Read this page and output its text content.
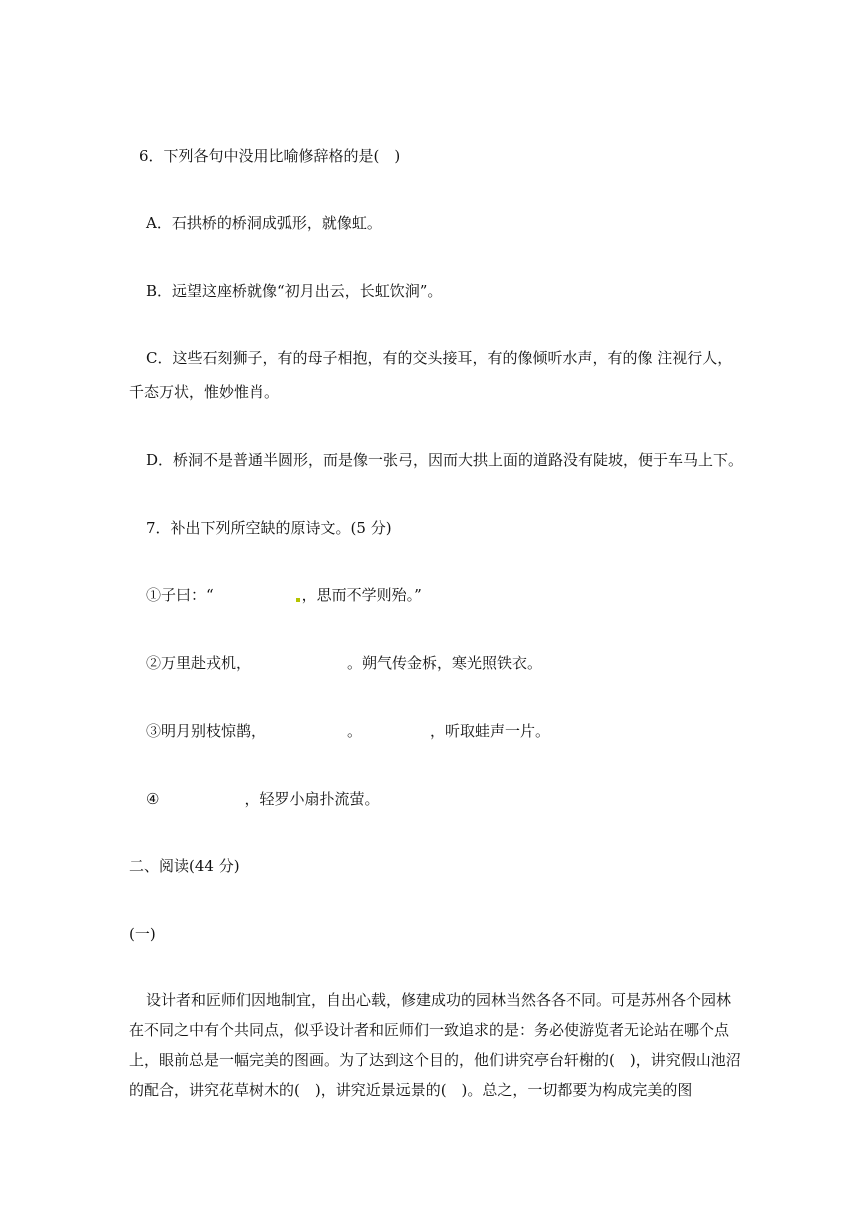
6．下列各句中没用比喻修辞格的是(　)
A．石拱桥的桥洞成弧形，就像虹。
B．远望这座桥就像“初月出云，长虹饮涧”。
C．这些石刻狮子，有的母子相抱，有的交头接耳，有的像倾听水声，有的像 注视行人，
千态万状，惟妙惟肖。
D．桥洞不是普通半圆形，而是像一张弓，因而大拱上面的道路没有陡坡，便于车马上下。
7．补出下列所空缺的原诗文。(5 分)
①子曰：“	，思而不学则殆。”
②万里赴戎机，	。朔气传金柝，寒光照铁衣。
③明月别枝惊鹊，	。	，听取蛙声一片。
④	，轻罗小扇扑流萤。
二、阅读(44 分)
(一)
设计者和匠师们因地制宜，自出心载，修建成功的园林当然各各不同。可是苏州各个园林在不同之中有个共同点，似乎设计者和匠师们一致追求的是：务必使游览者无论站在哪个点上，眼前总是一幅完美的图画。为了达到这个目的，他们讲究亭台轩榭的(　)，讲究假山池沼的配合，讲究花草树木的(　)，讲究近景远景的(　)。总之，一切都要为构成完美的图
